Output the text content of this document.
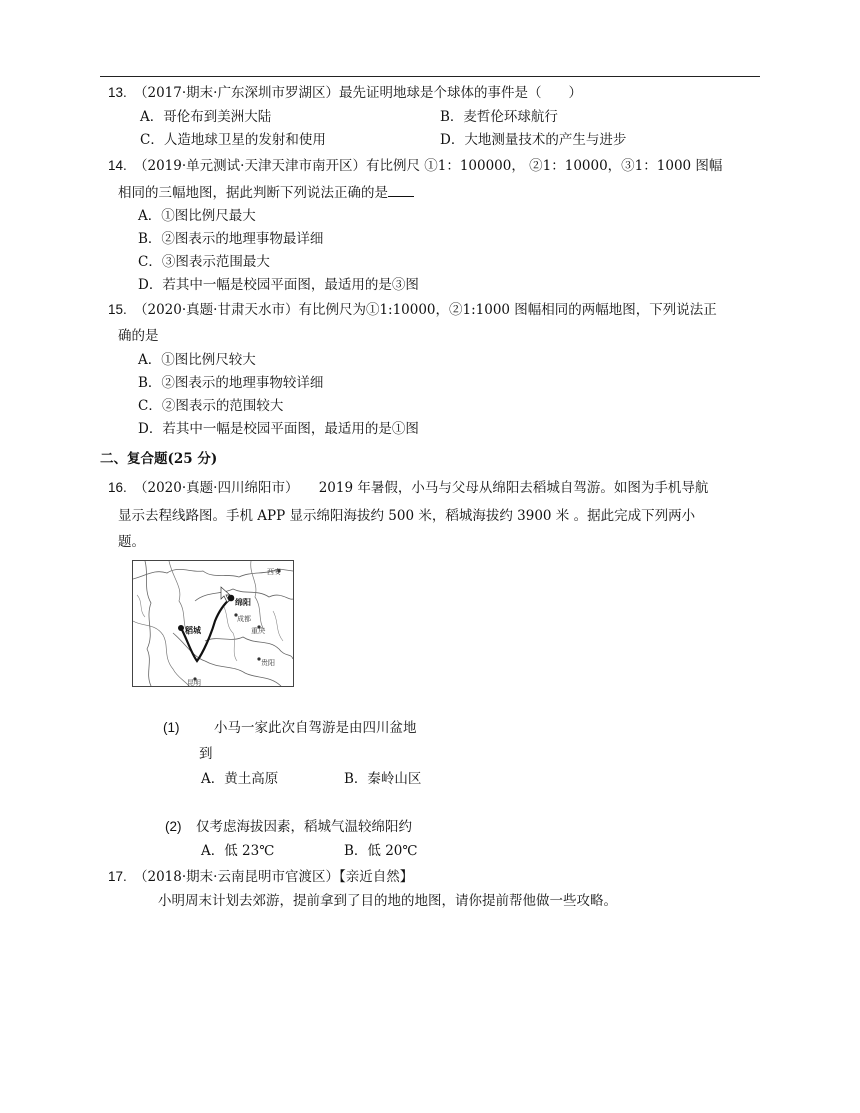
13. （2017·期末·广东深圳市罗湖区）最先证明地球是个球体的事件是（　　）
A．哥伦布到美洲大陆	B．麦哲伦环球航行
C．人造地球卫星的发射和使用	D．大地测量技术的产生与进步
14. （2019·单元测试·天津天津市南开区）有比例尺 ①1：100000， ②1：10000，③1：1000 图幅
相同的三幅地图，据此判断下列说法正确的是
A．①图比例尺最大
B．②图表示的地理事物最详细
C．③图表示范围最大
D．若其中一幅是校园平面图，最适用的是③图
15. （2020·真题·甘肃天水市）有比例尺为①1:10000，②1:1000 图幅相同的两幅地图，下列说法正
确的是
A．①图比例尺较大
B．②图表示的地理事物较详细
C．②图表示的范围较大
D．若其中一幅是校园平面图，最适用的是①图
二、复合题(25 分)
16. （2020·真题·四川绵阳市）　　2019 年暑假，小马与父母从绵阳去稻城自驾游。如图为手机导航
显示去程线路图。手机 APP 显示绵阳海拔约 500 米，稻城海拔约 3900 米 。据此完成下列两小
题。
西安
绵阳
成都
稻城	重庆
贵阳
昆明
(1)	小马一家此次自驾游是由四川盆地
到
A．黄土高原	B．秦岭山区
(2) 仅考虑海拔因素，稻城气温较绵阳约
A．低 23℃	B．低 20℃
17. （2018·期末·云南昆明市官渡区）【亲近自然】
小明周末计划去郊游，提前拿到了目的地的地图，请你提前帮他做一些攻略。
